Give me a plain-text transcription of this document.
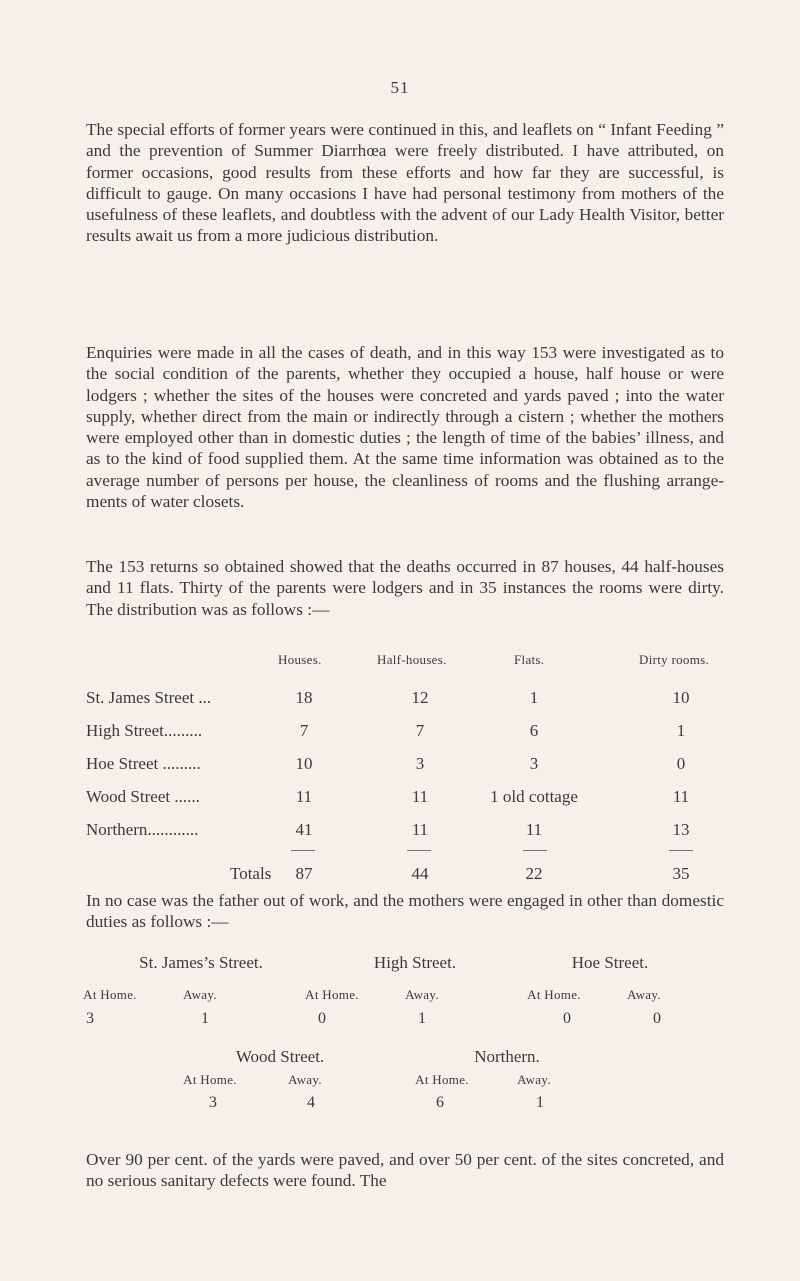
51

The special efforts of former years were continued in this, and leaflets on “ Infant Feeding ” and the prevention of Summer Diarrhœa were freely distributed. I have attributed, on former occasions, good results from these efforts and how far they are successful, is difficult to gauge. On many occasions I have had personal testimony from mothers of the usefulness of these leaflets, and doubtless with the advent of our Lady Health Visitor, better results await us from a more judicious distribution.

Enquiries were made in all the cases of death, and in this way 153 were investigated as to the social condition of the parents, whether they occupied a house, half house or were lodgers ; whether the sites of the houses were concreted and yards paved ; into the water supply, whether direct from the main or indirectly through a cistern ; whether the mothers were employed other than in domestic duties ; the length of time of the babies’ illness, and as to the kind of food supplied them. At the same time information was obtained as to the average number of persons per house, the cleanliness of rooms and the flushing arrange- ments of water closets.

The 153 returns so obtained showed that the deaths occurred in 87 houses, 44 half-houses and 11 flats. Thirty of the parents were lodgers and in 35 instances the rooms were dirty. The distribution was as follows :—

Houses.	Half-houses.	Flats.	Dirty rooms.
St. James Street ...	18	12	1	10
High Street.........	7	7	6	1
Hoe Street .........	10	3	3	0
Wood Street ......	11	11	1 old cottage	11
Northern............	41	11	11	13
Totals	87	44	22	35

In no case was the father out of work, and the mothers were engaged in other than domestic duties as follows :—

St. James’s Street.	High Street.	Hoe Street.
At Home.	Away.	At Home.	Away.	At Home.	Away.
3	1	0	1	0	0
Wood Street.	Northern.
At Home.	Away.	At Home.	Away.
3	4	6	1

Over 90 per cent. of the yards were paved, and over 50 per cent. of the sites concreted, and no serious sanitary defects were found. The
